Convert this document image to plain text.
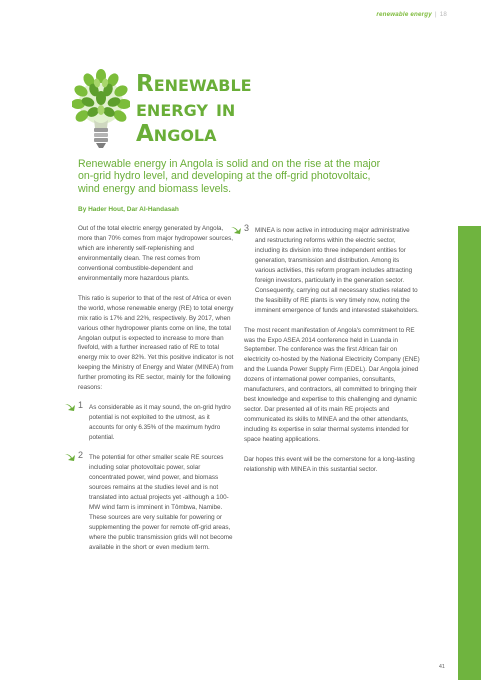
renewable energy | 18
Renewable
energy in
Angola

Renewable energy in Angola is solid and on the rise at the major on-grid hydro level, and developing at the off-grid photovoltaic, wind energy and biomass levels.

By Hader Hout, Dar Al-Handasah

Out of the total electric energy generated by Angola, more than 70% comes from major hydropower sources, which are inherently self-replenishing and environmentally clean. The rest comes from conventional combustible-dependent and environmentally more hazardous plants.

This ratio is superior to that of the rest of Africa or even the world, whose renewable energy (RE) to total energy mix ratio is 17% and 22%, respectively. By 2017, when various other hydropower plants come on line, the total Angolan output is expected to increase to more than fivefold, with a further increased ratio of RE to total energy mix to over 82%. Yet this positive indicator is not keeping the Ministry of Energy and Water (MINEA) from further promoting its RE sector, mainly for the following reasons:

1 As considerable as it may sound, the on-grid hydro potential is not exploited to the utmost, as it accounts for only 6.35% of the maximum hydro potential.

2 The potential for other smaller scale RE sources including solar photovoltaic power, solar concentrated power, wind power, and biomass sources remains at the studies level and is not translated into actual projects yet -although a 100-MW wind farm is imminent in Tômbwa, Namibe. These sources are very suitable for powering or supplementing the power for remote off-grid areas, where the public transmission grids will not become available in the short or even medium term.

3 MINEA is now active in introducing major administrative and restructuring reforms within the electric sector, including its division into three independent entities for generation, transmission and distribution. Among its various activities, this reform program includes attracting foreign investors, particularly in the generation sector. Consequently, carrying out all necessary studies related to the feasibility of RE plants is very timely now, noting the imminent emergence of funds and interested stakeholders.

The most recent manifestation of Angola's commitment to RE was the Expo ASEA 2014 conference held in Luanda in September. The conference was the first African fair on electricity co-hosted by the National Electricity Company (ENE) and the Luanda Power Supply Firm (EDEL). Dar Angola joined dozens of international power companies, consultants, manufacturers, and contractors, all committed to bringing their best knowledge and expertise to this challenging and dynamic sector. Dar presented all of its main RE projects and communicated its skills to MINEA and the other attendants, including its expertise in solar thermal systems intended for space heating applications.

Dar hopes this event will be the cornerstone for a long-lasting relationship with MINEA in this sustantial sector.

41
